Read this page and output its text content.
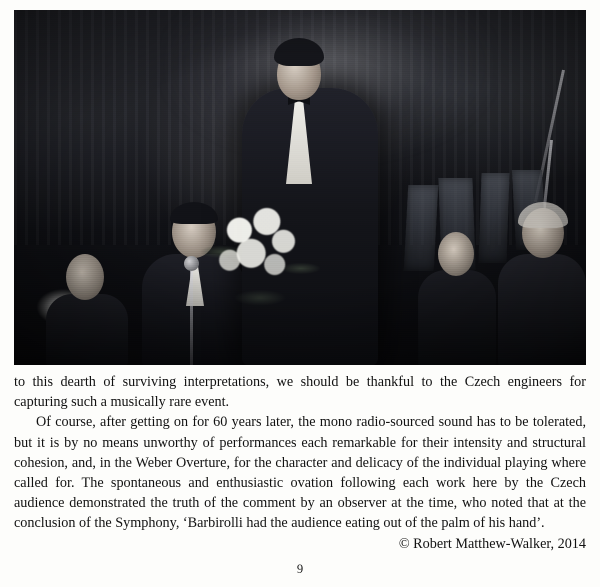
to this dearth of surviving interpretations, we should be thankful to the Czech engineers for capturing such a musically rare event.

Of course, after getting on for 60 years later, the mono radio-sourced sound has to be tolerated, but it is by no means unworthy of performances each remarkable for their intensity and structural cohesion, and, in the Weber Overture, for the character and delicacy of the individual playing where called for. The spontaneous and enthusiastic ovation following each work here by the Czech audience demonstrated the truth of the comment by an observer at the time, who noted that at the conclusion of the Symphony, ‘Barbirolli had the audience eating out of the palm of his hand’.

© Robert Matthew-Walker, 2014

9
